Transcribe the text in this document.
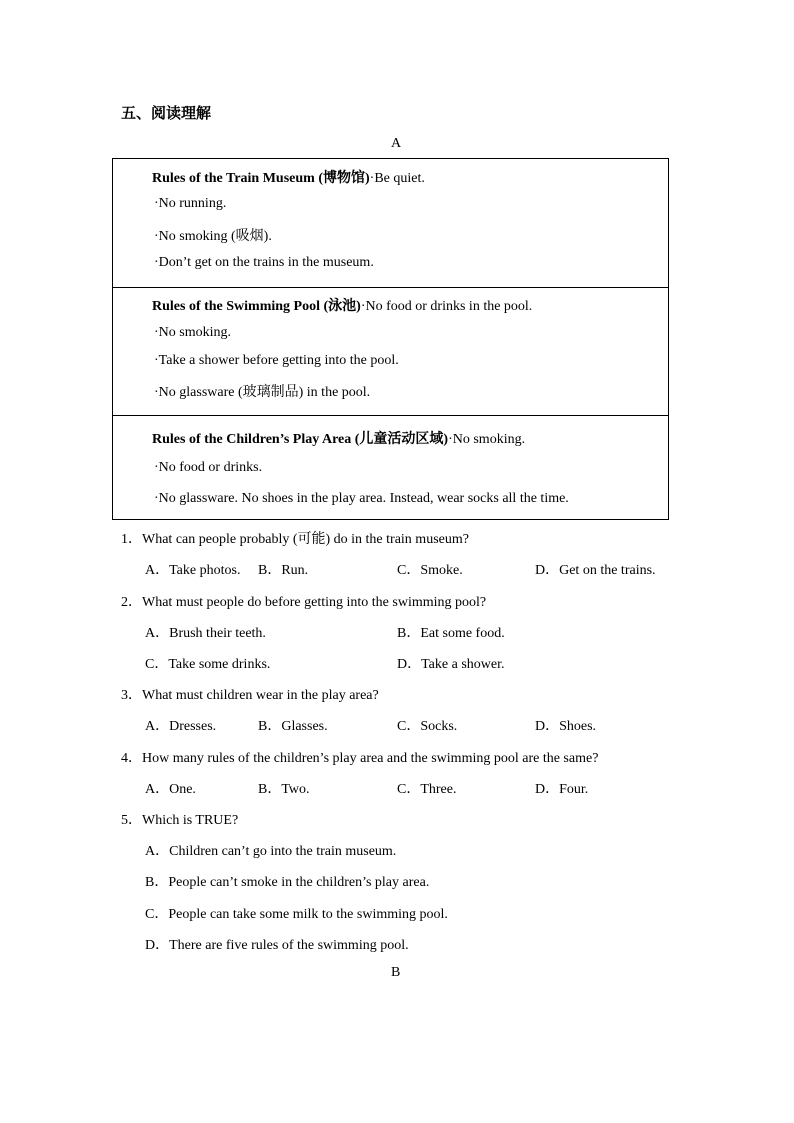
五、阅读理解
A
Rules of the Train Museum (博物馆)·Be quiet.
·No running.
·No smoking (吸烟).
·Don’t get on the trains in the museum.
Rules of the Swimming Pool (泳池)·No food or drinks in the pool.
·No smoking.
·Take a shower before getting into the pool.
·No glassware (玻璃制品) in the pool.
Rules of the Children’s Play Area (儿童活动区域)·No smoking.
·No food or drinks.
·No glassware. No shoes in the play area. Instead, wear socks all the time.
1．What can people probably (可能) do in the train museum?
A．Take photos. B．Run.	C．Smoke.	D．Get on the trains.
2．What must people do before getting into the swimming pool?
A．Brush their teeth.	B．Eat some food.
C．Take some drinks.	D．Take a shower.
3．What must children wear in the play area?
A．Dresses.	B．Glasses.	C．Socks.	D．Shoes.
4．How many rules of the children’s play area and the swimming pool are the same?
A．One.	B．Two.	C．Three.	D．Four.
5．Which is TRUE?
A．Children can’t go into the train museum.
B．People can’t smoke in the children’s play area.
C．People can take some milk to the swimming pool.
D．There are five rules of the swimming pool.
B
